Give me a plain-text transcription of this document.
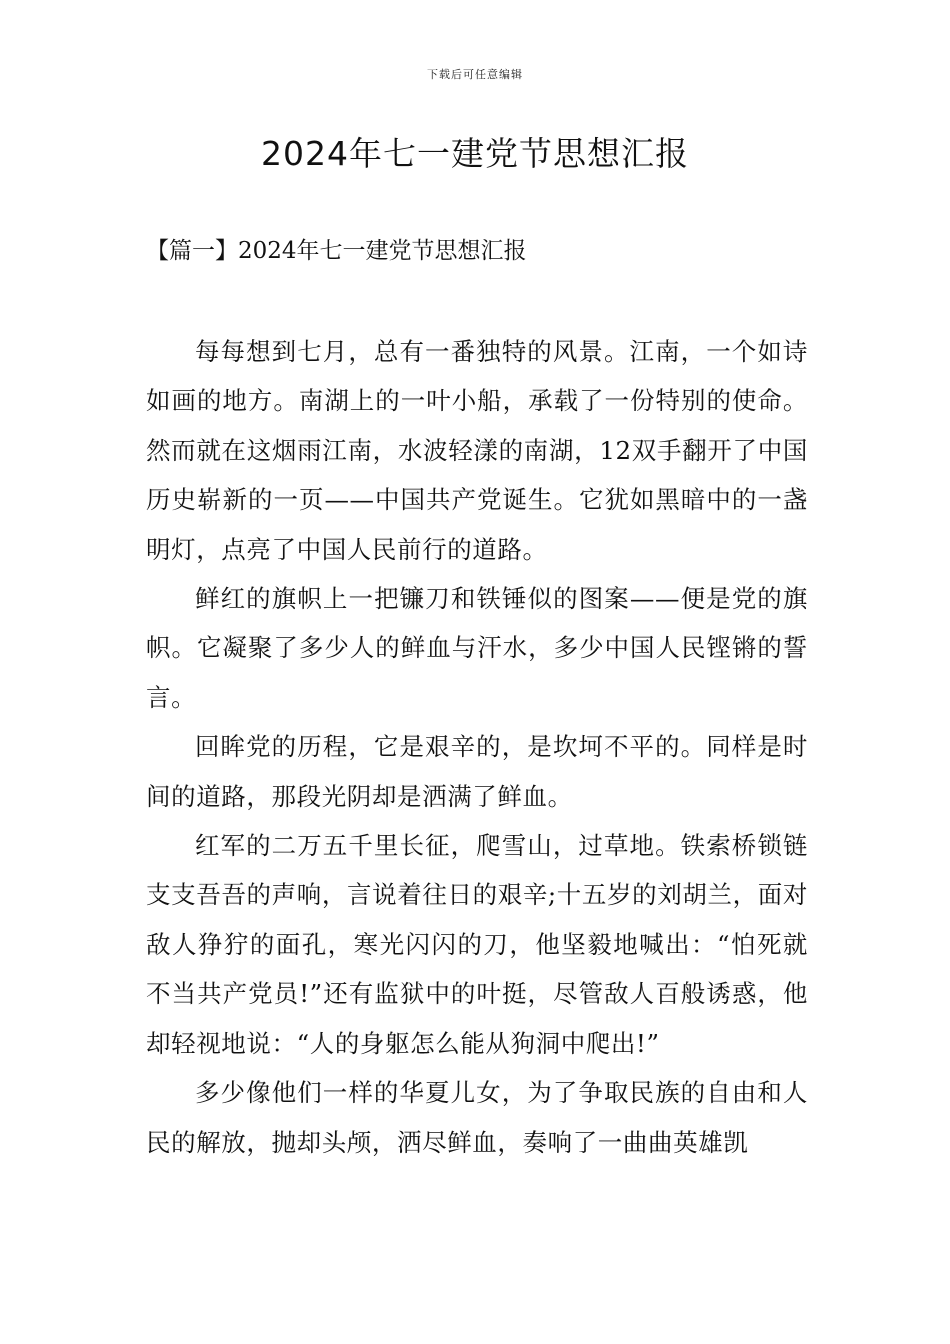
下载后可任意编辑
2024年七一建党节思想汇报
【篇一】2024年七一建党节思想汇报

每每想到七月，总有一番独特的风景。江南，一个如诗如画的地方。南湖上的一叶小船，承载了一份特别的使命。然而就在这烟雨江南，水波轻漾的南湖，12双手翻开了中国历史崭新的一页——中国共产党诞生。它犹如黑暗中的一盏明灯，点亮了中国人民前行的道路。

鲜红的旗帜上一把镰刀和铁锤似的图案——便是党的旗帜。它凝聚了多少人的鲜血与汗水，多少中国人民铿锵的誓言。

回眸党的历程，它是艰辛的，是坎坷不平的。同样是时间的道路，那段光阴却是洒满了鲜血。

红军的二万五千里长征，爬雪山，过草地。铁索桥锁链支支吾吾的声响，言说着往日的艰辛;十五岁的刘胡兰，面对敌人狰狞的面孔，寒光闪闪的刀，他坚毅地喊出：“怕死就不当共产党员!”还有监狱中的叶挺，尽管敌人百般诱惑，他却轻视地说：“人的身躯怎么能从狗洞中爬出!”

多少像他们一样的华夏儿女，为了争取民族的自由和人民的解放，抛却头颅，洒尽鲜血，奏响了一曲曲英雄凯
